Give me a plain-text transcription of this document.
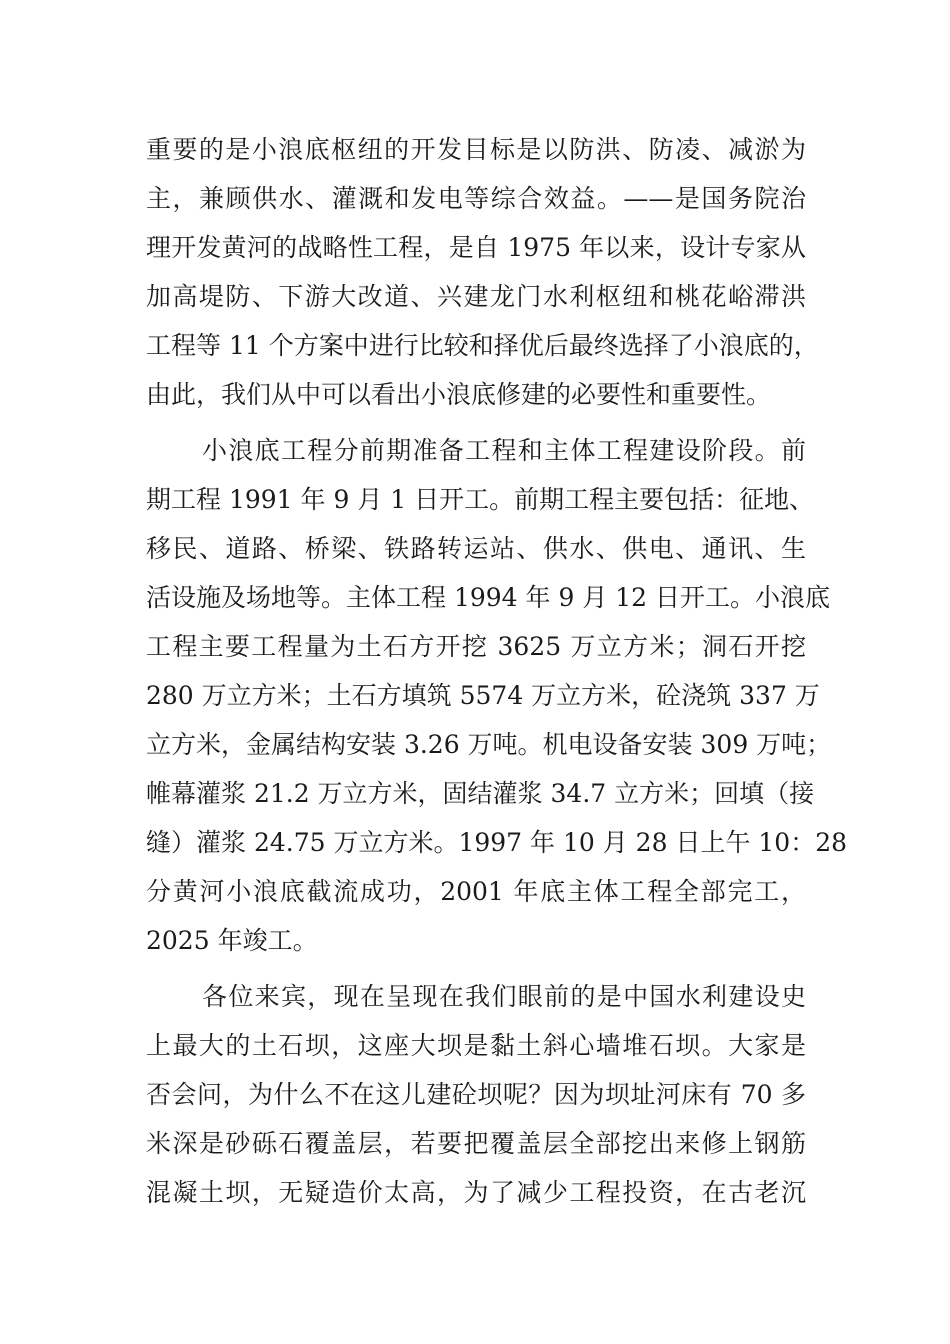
重要的是小浪底枢纽的开发目标是以防洪、防凌、减淤为
主，兼顾供水、灌溉和发电等综合效益。——是国务院治
理开发黄河的战略性工程，是自 1975 年以来，设计专家从
加高堤防、下游大改道、兴建龙门水利枢纽和桃花峪滞洪
工程等 11 个方案中进行比较和择优后最终选择了小浪底的，
由此，我们从中可以看出小浪底修建的必要性和重要性。
小浪底工程分前期准备工程和主体工程建设阶段。前
期工程 1991 年 9 月 1 日开工。前期工程主要包括：征地、
移民、道路、桥梁、铁路转运站、供水、供电、通讯、生
活设施及场地等。主体工程 1994 年 9 月 12 日开工。小浪底
工程主要工程量为土石方开挖 3625 万立方米；洞石开挖
280 万立方米；土石方填筑 5574 万立方米，砼浇筑 337 万
立方米，金属结构安装 3.26 万吨。机电设备安装 309 万吨；
帷幕灌浆 21.2 万立方米，固结灌浆 34.7 立方米；回填（接
缝）灌浆 24.75 万立方米。1997 年 10 月 28 日上午 10：28
分黄河小浪底截流成功，2001 年底主体工程全部完工，
2025 年竣工。
各位来宾，现在呈现在我们眼前的是中国水利建设史
上最大的土石坝，这座大坝是黏土斜心墙堆石坝。大家是
否会问，为什么不在这儿建砼坝呢？因为坝址河床有 70 多
米深是砂砾石覆盖层，若要把覆盖层全部挖出来修上钢筋
混凝土坝，无疑造价太高，为了减少工程投资，在古老沉
